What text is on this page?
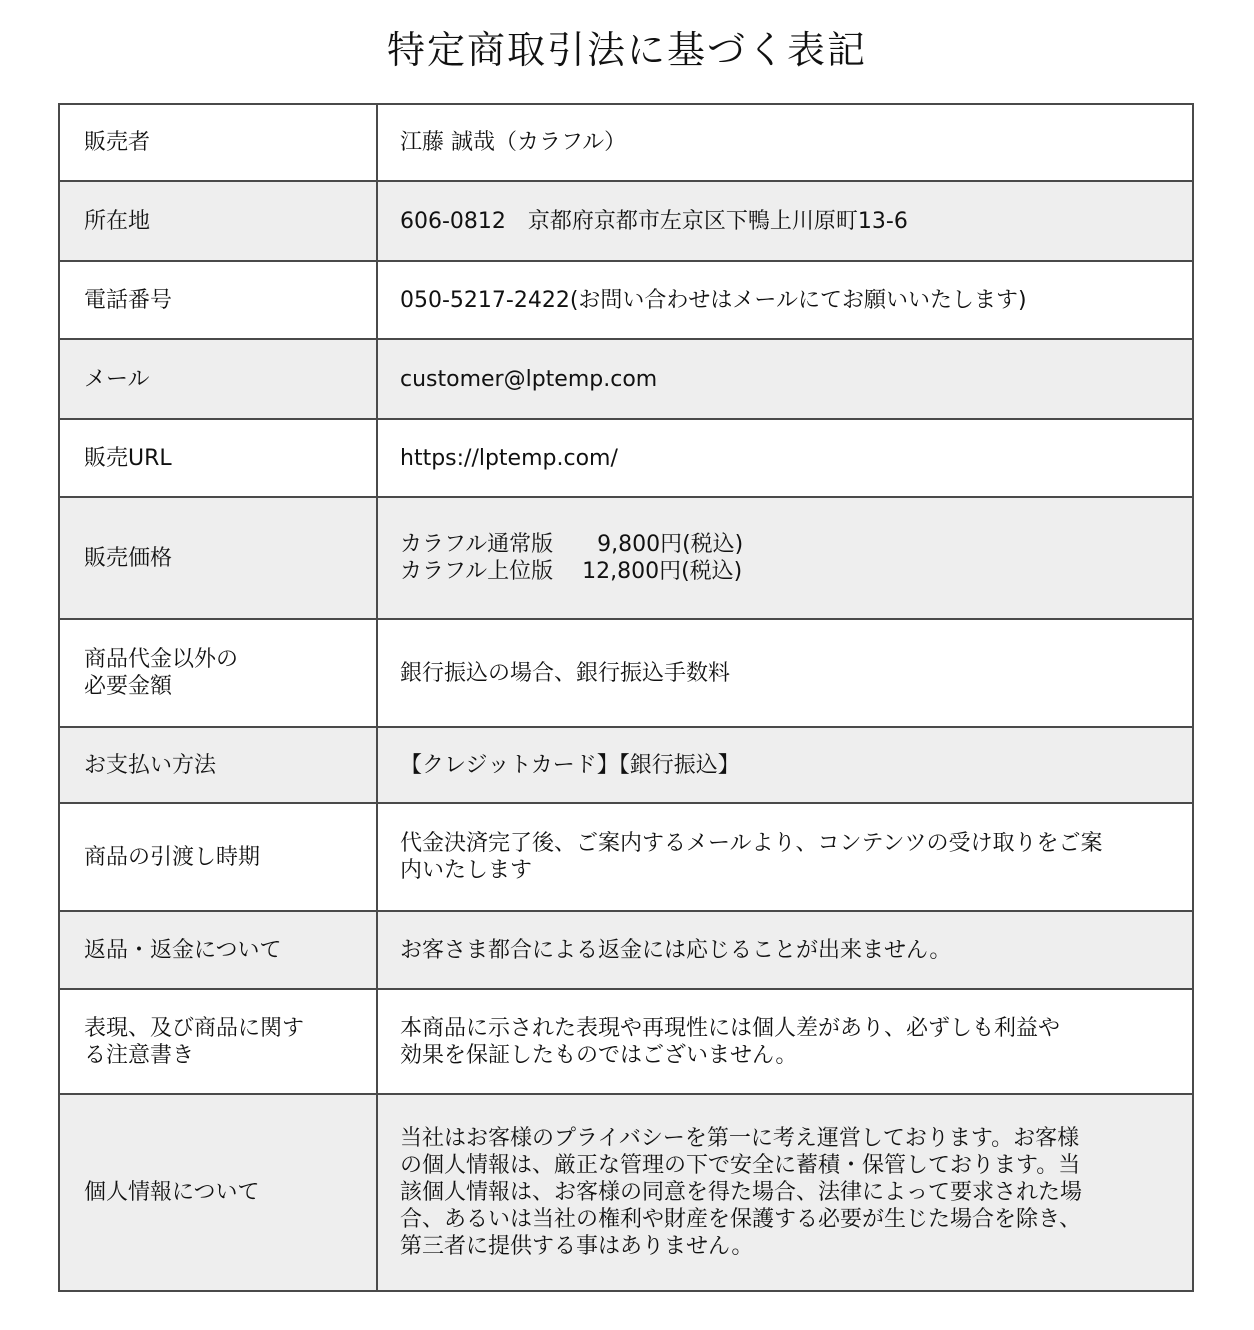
特定商取引法に基づく表記
販売者	江藤 誠哉（カラフル）

所在地	606-0812　京都府京都市左京区下鴨上川原町13-6

電話番号	050-5217-2422(お問い合わせはメールにてお願いいたします)

メール	customer@lptemp.com

販売URL	https://lptemp.com/

販売価格	カラフル通常版　　9,800円(税込)
カラフル上位版　 12,800円(税込)

商品代金以外の
必要金額	銀行振込の場合、銀行振込手数料

お支払い方法	【クレジットカード】【銀行振込】

商品の引渡し時期	代金決済完了後、ご案内するメールより、コンテンツの受け取りをご案
内いたします

返品・返金について	お客さま都合による返金には応じることが出来ません。

表現、及び商品に関す
る注意書き	本商品に示された表現や再現性には個人差があり、必ずしも利益や
効果を保証したものではございません。

個人情報について	当社はお客様のプライバシーを第一に考え運営しております。お客様
の個人情報は、厳正な管理の下で安全に蓄積・保管しております。当
該個人情報は、お客様の同意を得た場合、法律によって要求された場
合、あるいは当社の権利や財産を保護する必要が生じた場合を除き、
第三者に提供する事はありません。
